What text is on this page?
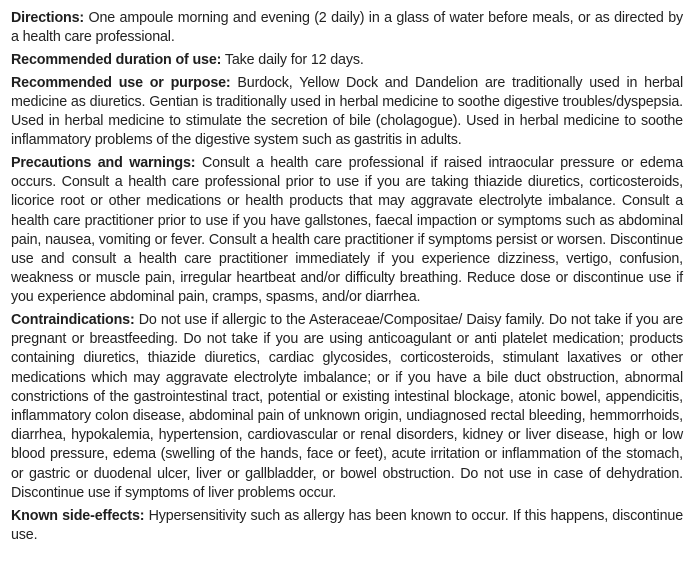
Directions: One ampoule morning and evening (2 daily) in a glass of water before meals, or as directed by a health care professional.

Recommended duration of use: Take daily for 12 days.

Recommended use or purpose: Burdock, Yellow Dock and Dandelion are traditionally used in herbal medicine as diuretics. Gentian is traditionally used in herbal medicine to soothe digestive troubles/dyspepsia. Used in herbal medicine to stimulate the secretion of bile (cholagogue). Used in herbal medicine to soothe inflammatory problems of the digestive system such as gastritis in adults.

Precautions and warnings: Consult a health care professional if raised intraocular pressure or edema occurs. Consult a health care professional prior to use if you are taking thiazide diuretics, corticosteroids, licorice root or other medications or health products that may aggravate electrolyte imbalance. Consult a health care practitioner prior to use if you have gallstones, faecal impaction or symptoms such as abdominal pain, nausea, vomiting or fever. Consult a health care practitioner if symptoms persist or worsen. Discontinue use and consult a health care practitioner immediately if you experience dizziness, vertigo, confusion, weakness or muscle pain, irregular heartbeat and/or difficulty breathing. Reduce dose or discontinue use if you experience abdominal pain, cramps, spasms, and/or diarrhea.

Contraindications: Do not use if allergic to the Asteraceae/Compositae/ Daisy family. Do not take if you are pregnant or breastfeeding. Do not take if you are using anticoagulant or anti platelet medication; products containing diuretics, thiazide diuretics, cardiac glycosides, corticosteroids, stimulant laxatives or other medications which may aggravate electrolyte imbalance; or if you have a bile duct obstruction, abnormal constrictions of the gastrointestinal tract, potential or existing intestinal blockage, atonic bowel, appendicitis, inflammatory colon disease, abdominal pain of unknown origin, undiagnosed rectal bleeding, hemmorrhoids, diarrhea, hypokalemia, hypertension, cardiovascular or renal disorders, kidney or liver disease, high or low blood pressure, edema (swelling of the hands, face or feet), acute irritation or inflammation of the stomach, or gastric or duodenal ulcer, liver or gallbladder, or bowel obstruction. Do not use in case of dehydration. Discontinue use if symptoms of liver problems occur.

Known side-effects: Hypersensitivity such as allergy has been known to occur. If this happens, discontinue use.
